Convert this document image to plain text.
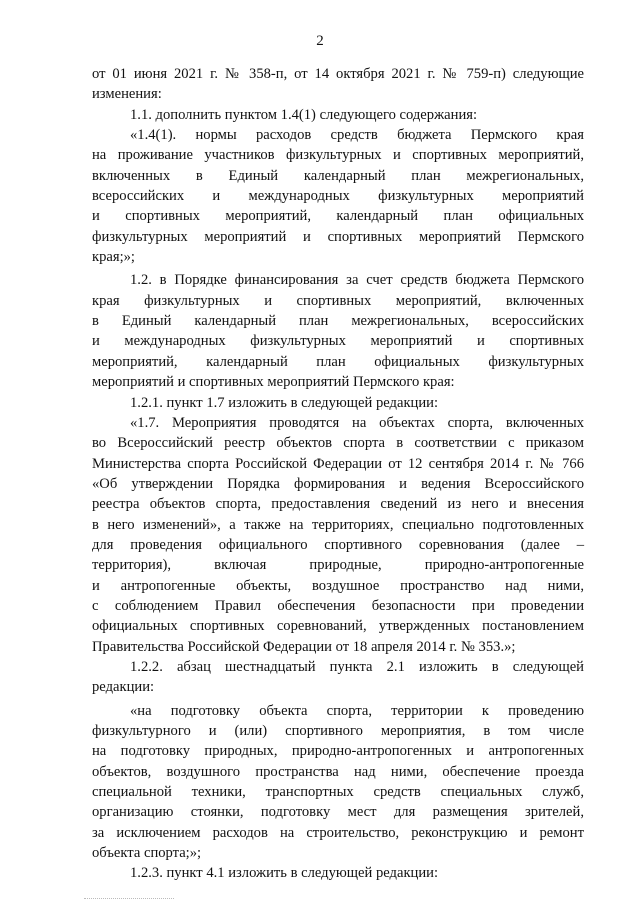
2
от 01 июня 2021 г. № 358-п, от 14 октября 2021 г. № 759-п) следующие
изменения:
1.1. дополнить пунктом 1.4(1) следующего содержания:
«1.4(1). нормы расходов средств бюджета Пермского края
на проживание участников физкультурных и спортивных мероприятий,
включенных в Единый календарный план межрегиональных,
всероссийских и международных физкультурных мероприятий
и спортивных мероприятий, календарный план официальных
физкультурных мероприятий и спортивных мероприятий Пермского
края;»;
1.2. в Порядке финансирования за счет средств бюджета Пермского
края физкультурных и спортивных мероприятий, включенных
в Единый календарный план межрегиональных, всероссийских
и международных физкультурных мероприятий и спортивных
мероприятий, календарный план официальных физкультурных
мероприятий и спортивных мероприятий Пермского края:
1.2.1. пункт 1.7 изложить в следующей редакции:
«1.7. Мероприятия проводятся на объектах спорта, включенных
во Всероссийский реестр объектов спорта в соответствии с приказом
Министерства спорта Российской Федерации от 12 сентября 2014 г. № 766
«Об утверждении Порядка формирования и ведения Всероссийского
реестра объектов спорта, предоставления сведений из него и внесения
в него изменений», а также на территориях, специально подготовленных
для проведения официального спортивного соревнования (далее –
территория), включая природные, природно-антропогенные
и антропогенные объекты, воздушное пространство над ними,
с соблюдением Правил обеспечения безопасности при проведении
официальных спортивных соревнований, утвержденных постановлением
Правительства Российской Федерации от 18 апреля 2014 г. № 353.»;
1.2.2. абзац шестнадцатый пункта 2.1 изложить в следующей
редакции:
«на подготовку объекта спорта, территории к проведению
физкультурного и (или) спортивного мероприятия, в том числе
на подготовку природных, природно-антропогенных и антропогенных
объектов, воздушного пространства над ними, обеспечение проезда
специальной техники, транспортных средств специальных служб,
организацию стоянки, подготовку мест для размещения зрителей,
за исключением расходов на строительство, реконструкцию и ремонт
объекта спорта;»;
1.2.3. пункт 4.1 изложить в следующей редакции:
